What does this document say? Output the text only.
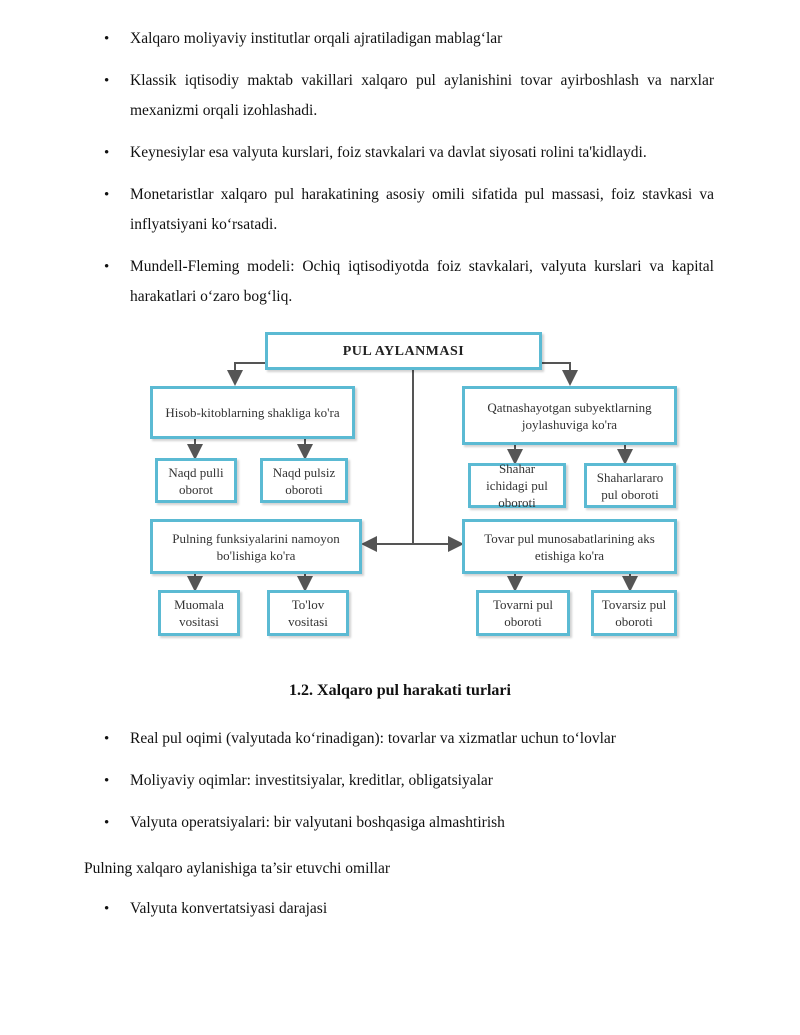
• Xalqaro moliyaviy institutlar orqali ajratiladigan mablag‘lar
• Klassik iqtisodiy maktab vakillari xalqaro pul aylanishini tovar ayirboshlash va narxlar mexanizmi orqali izohlashadi.
• Keynesiylar esa valyuta kurslari, foiz stavkalari va davlat siyosati rolini ta'kidlaydi.
• Monetaristlar xalqaro pul harakatining asosiy omili sifatida pul massasi, foiz stavkasi va inflyatsiyani ko‘rsatadi.
• Mundell-Fleming modeli: Ochiq iqtisodiyotda foiz stavkalari, valyuta kurslari va kapital harakatlari o‘zaro bog‘liq.
PUL AYLANMASI
Hisob-kitoblarning shakliga ko'ra
Naqd pulli oborot
Naqd pulsiz oboroti
Qatnashayotgan subyektlarning joylashuviga ko'ra
Shahar ichidagi pul oboroti
Shaharlararo pul oboroti
Pulning funksiyalarini namoyon bo'lishiga ko'ra
Muomala vositasi
To'lov vositasi
Tovar pul munosabatlarining aks etishiga ko'ra
Tovarni pul oboroti
Tovarsiz pul oboroti
1.2. Xalqaro pul harakati turlari
• Real pul oqimi (valyutada ko‘rinadigan): tovarlar va xizmatlar uchun to‘lovlar
• Moliyaviy oqimlar: investitsiyalar, kreditlar, obligatsiyalar
• Valyuta operatsiyalari: bir valyutani boshqasiga almashtirish
Pulning xalqaro aylanishiga ta’sir etuvchi omillar
• Valyuta konvertatsiyasi darajasi
